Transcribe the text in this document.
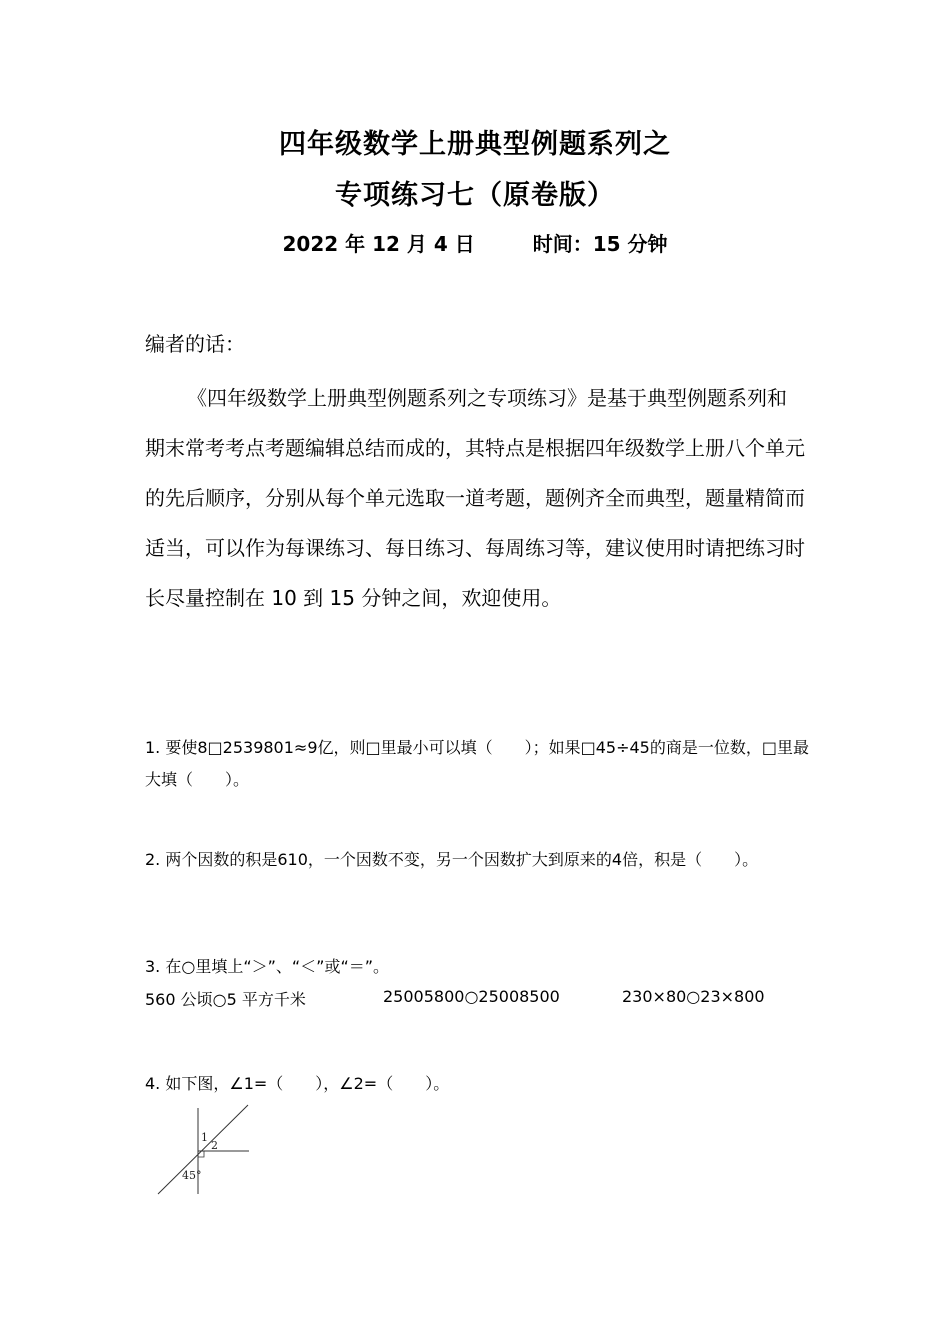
四年级数学上册典型例题系列之
专项练习七（原卷版）
2022 年 12 月 4 日	时间：15 分钟
编者的话：
《四年级数学上册典型例题系列之专项练习》是基于典型例题系列和期末常考考点考题编辑总结而成的，其特点是根据四年级数学上册八个单元的先后顺序，分别从每个单元选取一道考题，题例齐全而典型，题量精简而适当，可以作为每课练习、每日练习、每周练习等，建议使用时请把练习时长尽量控制在 10 到 15 分钟之间，欢迎使用。
1. 要使8□2539801≈9亿，则□里最小可以填（　　）；如果□45÷45的商是一位数，□里最大填（　　）。
2. 两个因数的积是610，一个因数不变，另一个因数扩大到原来的4倍，积是（　　）。
3. 在○里填上“＞”、“＜”或“＝”。
560 公顷○5 平方千米	25005800○25008500	230×80○23×800
4. 如下图，∠1=（　　），∠2=（　　）。
1
2
45°
